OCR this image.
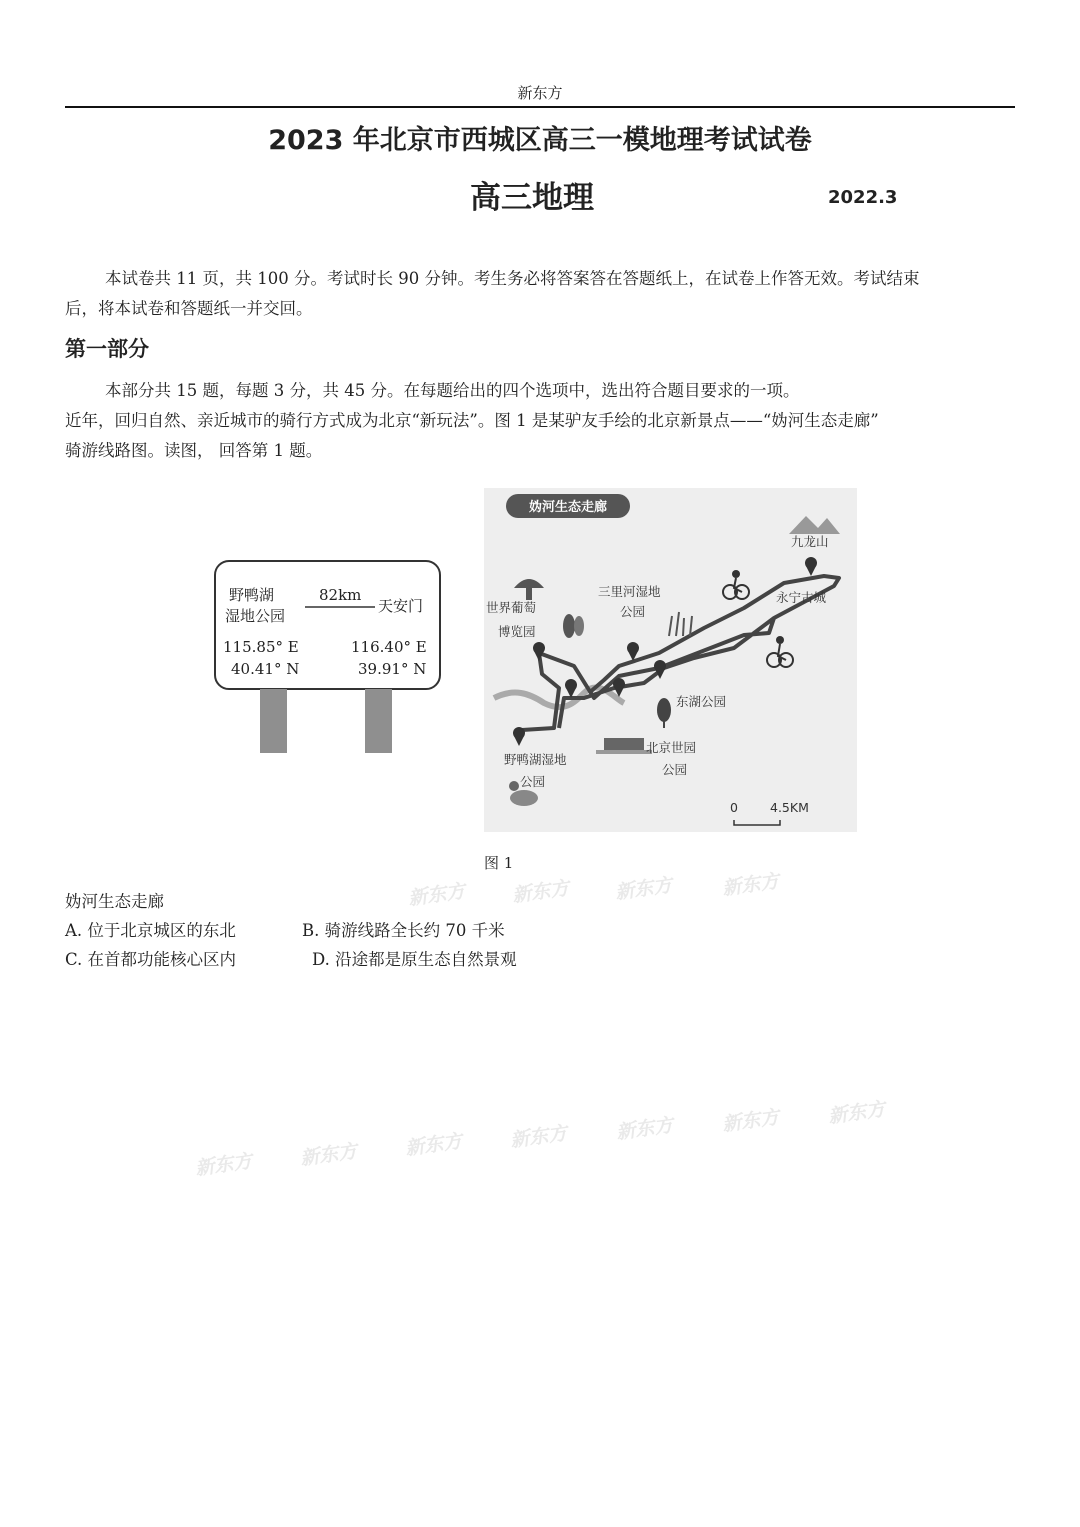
新东方
2023 年北京市西城区高三一模地理考试试卷
高三地理	2022.3
本试卷共 11 页，共 100 分。考试时长 90 分钟。考生务必将答案答在答题纸上，在试卷上作答无效。考试结束
后，将本试卷和答题纸一并交回。
第一部分
本部分共 15 题，每题 3 分，共 45 分。在每题给出的四个选项中，选出符合题目要求的一项。
近年，回归自然、亲近城市的骑行方式成为北京“新玩法”。图 1 是某驴友手绘的北京新景点——“妫河生态走廊”
骑游线路图。读图， 回答第 1 题。
野鸭湖
湿地公园
82km
天安门
115.85° E
40.41° N
116.40° E
39.91° N
妫河生态走廊
九龙山
永宁古城
三里河湿地
公园
世界葡萄
博览园
东湖公园
野鸭湖湿地
公园
北京世园
公园
0	4.5KM
图 1
妫河生态走廊
A. 位于北京城区的东北	B. 骑游线路全长约 70 千米
C. 在首都功能核心区内	D. 沿途都是原生态自然景观
新东方 新东方 新东方 新东方
新东方 新东方 新东方 新东方 新东方 新东方 新东方
